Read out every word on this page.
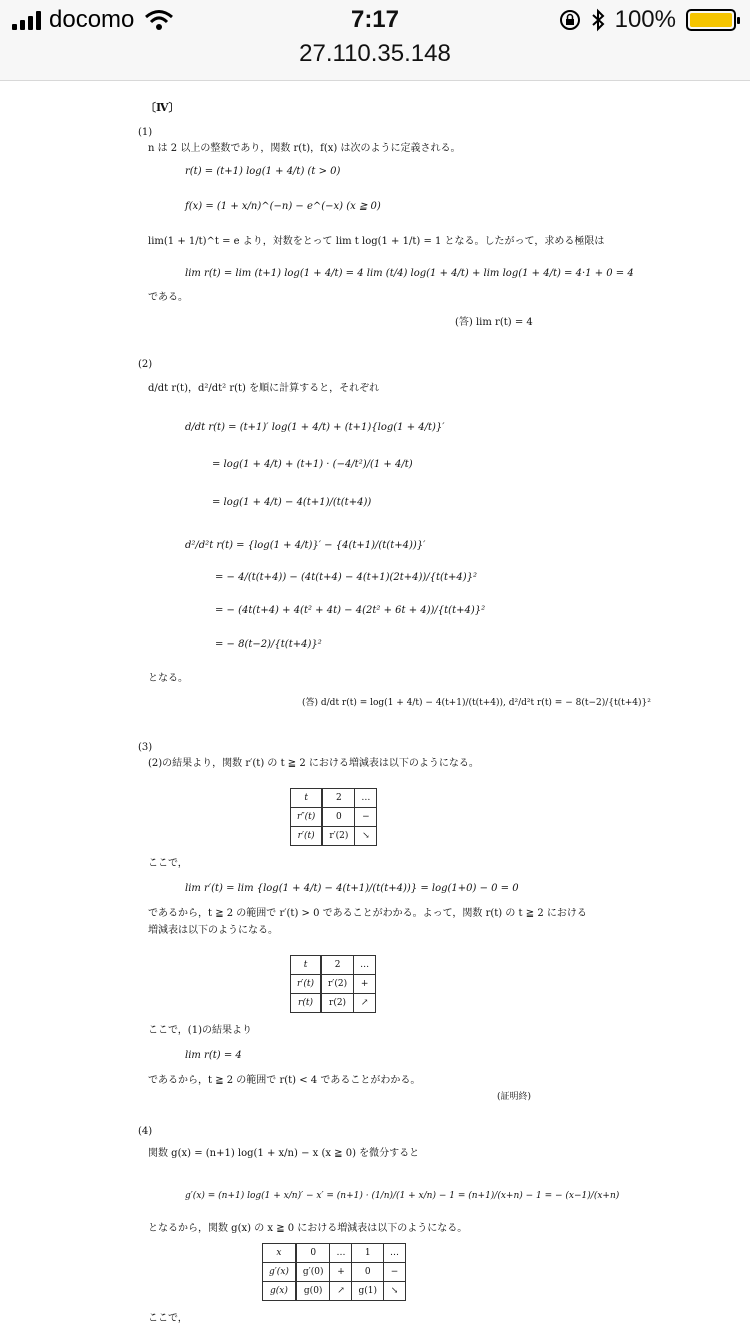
docomo	7:17
27.110.35.148
100%
〔Ⅳ〕
(1)
n は 2 以上の整数であり，関数 r(t)，f(x) は次のように定義される。
r(t) = (t+1) log(1 + 4/t) (t > 0)
f(x) = (1 + x/n)^(−n) − e^(−x) (x ≧ 0)
lim(1 + 1/t)^t = e より，対数をとって lim t log(1 + 1/t) = 1 となる。したがって，求める極限は
lim r(t) = lim (t+1) log(1 + 4/t) = 4 lim (t/4) log(1 + 4/t) + lim log(1 + 4/t) = 4·1 + 0 = 4
である。
(答) lim r(t) = 4
(2)
d/dt r(t)，d²/dt² r(t) を順に計算すると，それぞれ
d/dt r(t) = (t+1)′ log(1 + 4/t) + (t+1){log(1 + 4/t)}′
= log(1 + 4/t) + (t+1) · (−4/t²)/(1 + 4/t)
= log(1 + 4/t) − 4(t+1)/(t(t+4))
d²/d²t r(t) = {log(1 + 4/t)}′ − {4(t+1)/(t(t+4))}′
= − 4/(t(t+4)) − (4t(t+4) − 4(t+1)(2t+4))/{t(t+4)}²
= − (4t(t+4) + 4(t² + 4t) − 4(2t² + 6t + 4))/{t(t+4)}²
= − 8(t−2)/{t(t+4)}²
となる。
(答) d/dt r(t) = log(1 + 4/t) − 4(t+1)/(t(t+4)), d²/d²t r(t) = − 8(t−2)/{t(t+4)}²
(3)
(2)の結果より，関数 r′(t) の t ≧ 2 における増減表は以下のようになる。
t	2	…
r″(t)	0	−
r′(t)	r′(2)	↘
ここで，
lim r′(t) = lim {log(1 + 4/t) − 4(t+1)/(t(t+4))} = log(1+0) − 0 = 0
であるから，t ≧ 2 の範囲で r′(t) > 0 であることがわかる。よって，関数 r(t) の t ≧ 2 における
増減表は以下のようになる。
t	2	…
r′(t)	r′(2)	+
r(t)	r(2)	↗
ここで，(1)の結果より
lim r(t) = 4
であるから，t ≧ 2 の範囲で r(t) < 4 であることがわかる。
(証明終)
(4)
関数 g(x) = (n+1) log(1 + x/n) − x (x ≧ 0) を微分すると
g′(x) = (n+1) log(1 + x/n)′ − x′ = (n+1) · (1/n)/(1 + x/n) − 1 = (n+1)/(x+n) − 1 = − (x−1)/(x+n)
となるから，関数 g(x) の x ≧ 0 における増減表は以下のようになる。
x	0	…	1	…
g′(x)	g′(0)	+	0	−
g(x)	g(0)	↗	g(1)	↘
ここで，
